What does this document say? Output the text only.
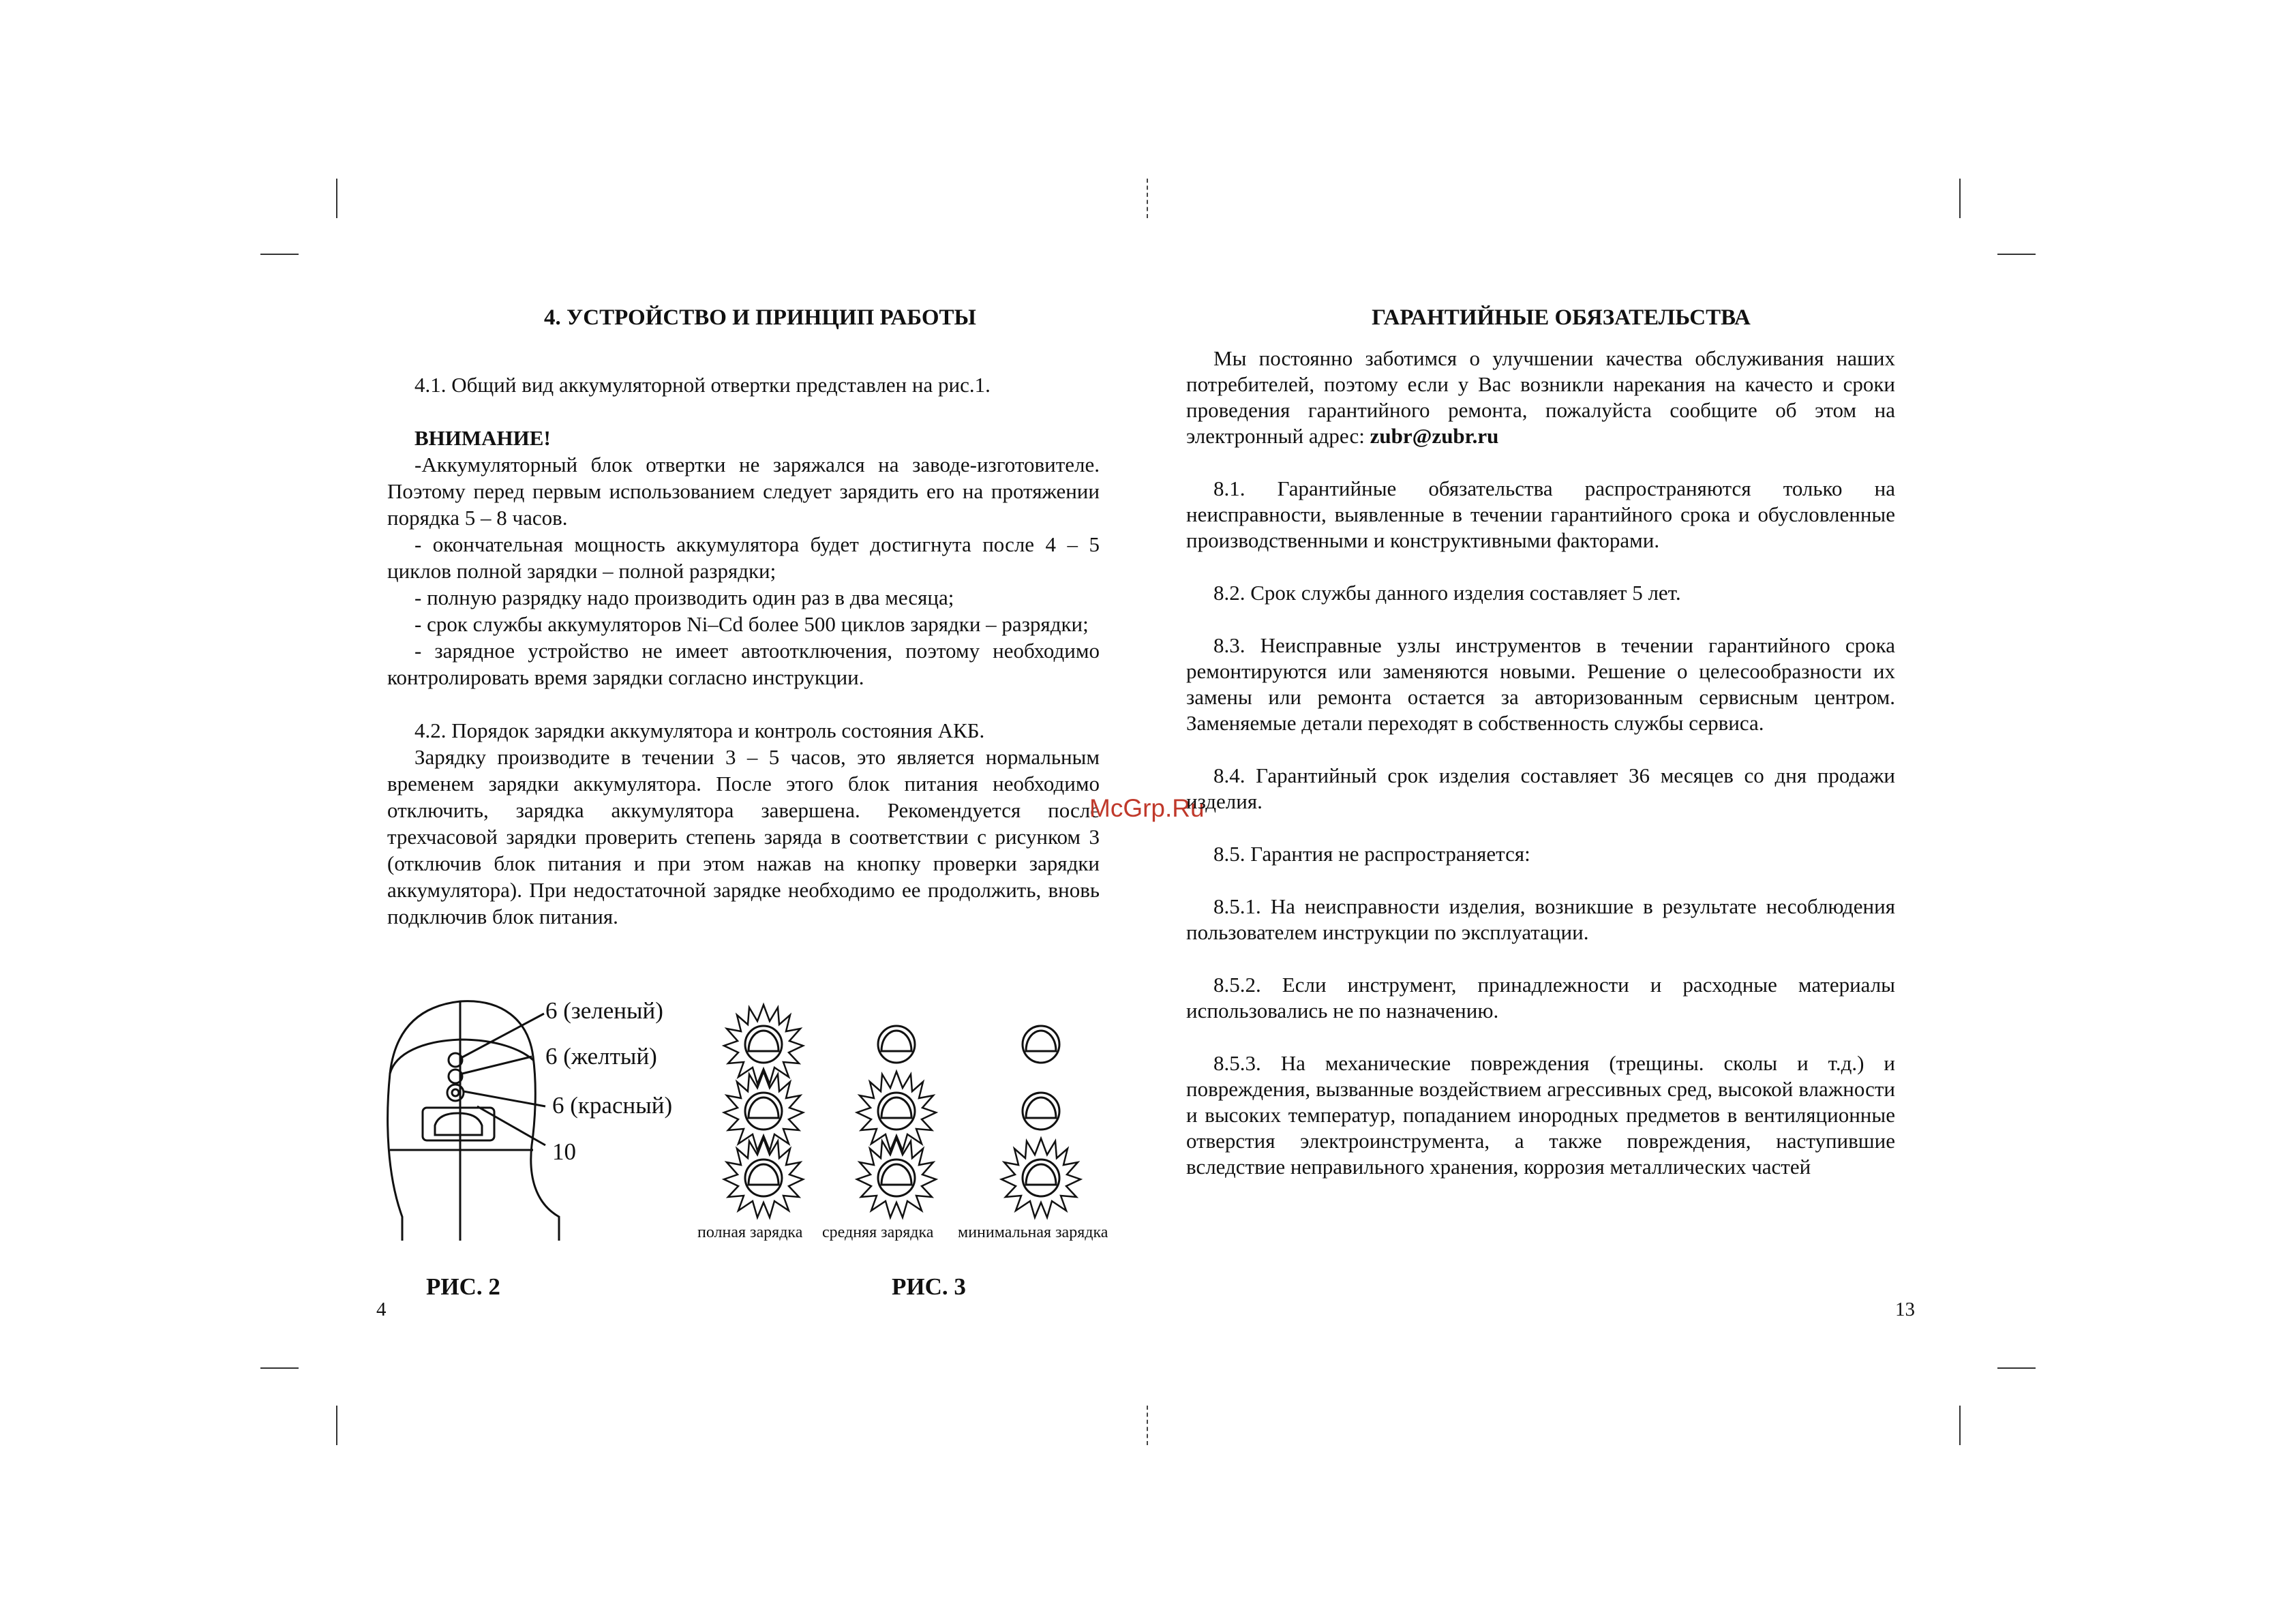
4. УСТРОЙСТВО И ПРИНЦИП РАБОТЫ

4.1. Общий вид аккумуляторной отвертки представлен на рис.1.

ВНИМАНИЕ!

-Аккумуляторный блок отвертки не заряжался на заводе-изготовителе. Поэтому перед первым использованием следует зарядить его на протяжении порядка 5 – 8 часов.

- окончательная мощность аккумулятора будет достигнута после 4 – 5 циклов полной зарядки – полной разрядки;

- полную разрядку надо производить один раз в два месяца;

- срок службы аккумуляторов Ni–Cd более 500 циклов зарядки – разрядки;

- зарядное устройство не имеет автоотключения, поэтому необходимо контролировать время зарядки согласно инструкции.

4.2. Порядок зарядки аккумулятора и контроль состояния АКБ.

Зарядку производите в течении 3 – 5 часов, это является нормальным временем зарядки аккумулятора. После этого блок питания необходимо отключить, зарядка аккумулятора завершена. Рекомендуется после трехчасовой зарядки проверить степень заряда в соответствии с рисунком 3 (отключив блок питания и при этом нажав на кнопку проверки зарядки аккумулятора). При недостаточной зарядке необходимо ее продолжить, вновь подключив блок питания.

6 (зеленый)
6 (желтый)
6 (красный)
10
РИС. 2
полная зарядка средняя зарядка минимальная зарядка
РИС. 3
4
McGrp.Ru
ГАРАНТИЙНЫЕ ОБЯЗАТЕЛЬСТВА

Мы постоянно заботимся о улучшении качества обслуживания наших потребителей, поэтому если у Вас возникли нарекания на качесто и сроки проведения гарантийного ремонта, пожалуйста сообщите об этом на электронный адрес: zubr@zubr.ru

8.1. Гарантийные обязательства распространяются только на неисправности, выявленные в течении гарантийного срока и обусловленные производственными и конструктивными факторами.

8.2. Срок службы данного изделия составляет 5 лет.

8.3. Неисправные узлы инструментов в течении гарантийного срока ремонтируются или заменяются новыми. Решение о целесообразности их замены или ремонта остается за авторизованным сервисным центром. Заменяемые детали переходят в собственность службы сервиса.

8.4. Гарантийный срок изделия составляет 36 месяцев со дня продажи изделия.

8.5. Гарантия не распространяется:

8.5.1. На неисправности изделия, возникшие в результате несоблюдения пользователем инструкции по эксплуатации.

8.5.2. Если инструмент, принадлежности и расходные материалы использовались не по назначению.

8.5.3. На механические повреждения (трещины. сколы и т.д.) и повреждения, вызванные воздействием агрессивных сред, высокой влажности и высоких температур, попаданием инородных предметов в вентиляционные отверстия электроинструмента, а также повреждения, наступившие вследствие неправильного хранения, коррозия металлических частей

13
